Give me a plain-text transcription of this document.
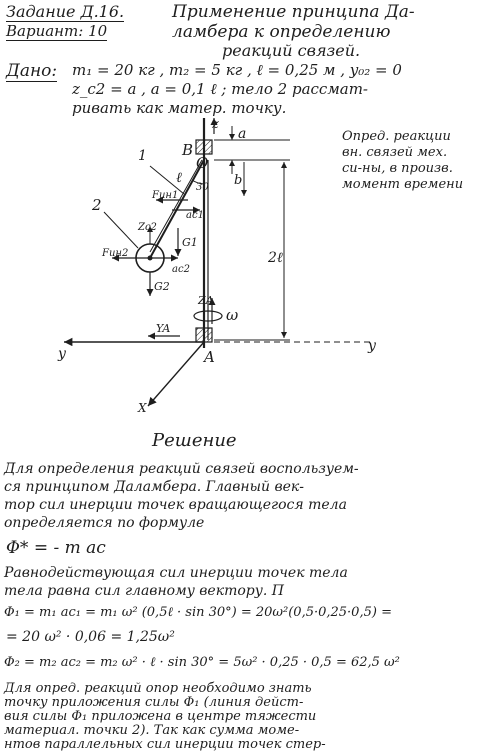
Задание Д.16.
Вариант: 10
Применение принципа Да-
ламбера к определению
реакций связей.
Дано: m₁ = 20 кг , m₂ = 5 кг , ℓ = 0,25 м , y₀₂ = 0
z_c2 = a , a = 0,1 ℓ ; тело 2 рассмат-
ривать как матер. точку.
Опред. реакции
вн. связей мех.
си-ны, в произв.
момент времени
z
B
O
a
b
2ℓ
1
2
ℓ
30
Fин1
ac1
Zc2
G1
Fин2
ac2
G2
ZA
ω
YA
A
y	y
X
Решение
Для определения реакций связей воспользуем-
ся принципом Даламбера. Главный век-
тор сил инерции точек вращающегося тела
определяется по формуле
Φ* = - m aс
Равнодействующая сил инерции точек тела
тела равна сил главному вектору. П
Φ₁ = m₁ aс₁ = m₁ ω² (0,5ℓ · sin 30°) = 20ω²(0,5·0,25·0,5) =
= 20 ω² · 0,06 = 1,25ω²
Φ₂ = m₂ aс₂ = m₂ ω² · ℓ · sin 30° = 5ω² · 0,25 · 0,5 = 62,5 ω²
Для опред. реакций опор необходимо знать
точку приложения силы Φ₁ (линия дейст-
вия силы Φ₁ приложена в центре тяжести
материал. точки 2). Так как сумма моме-
нтов параллельных сил инерции точек стер-
